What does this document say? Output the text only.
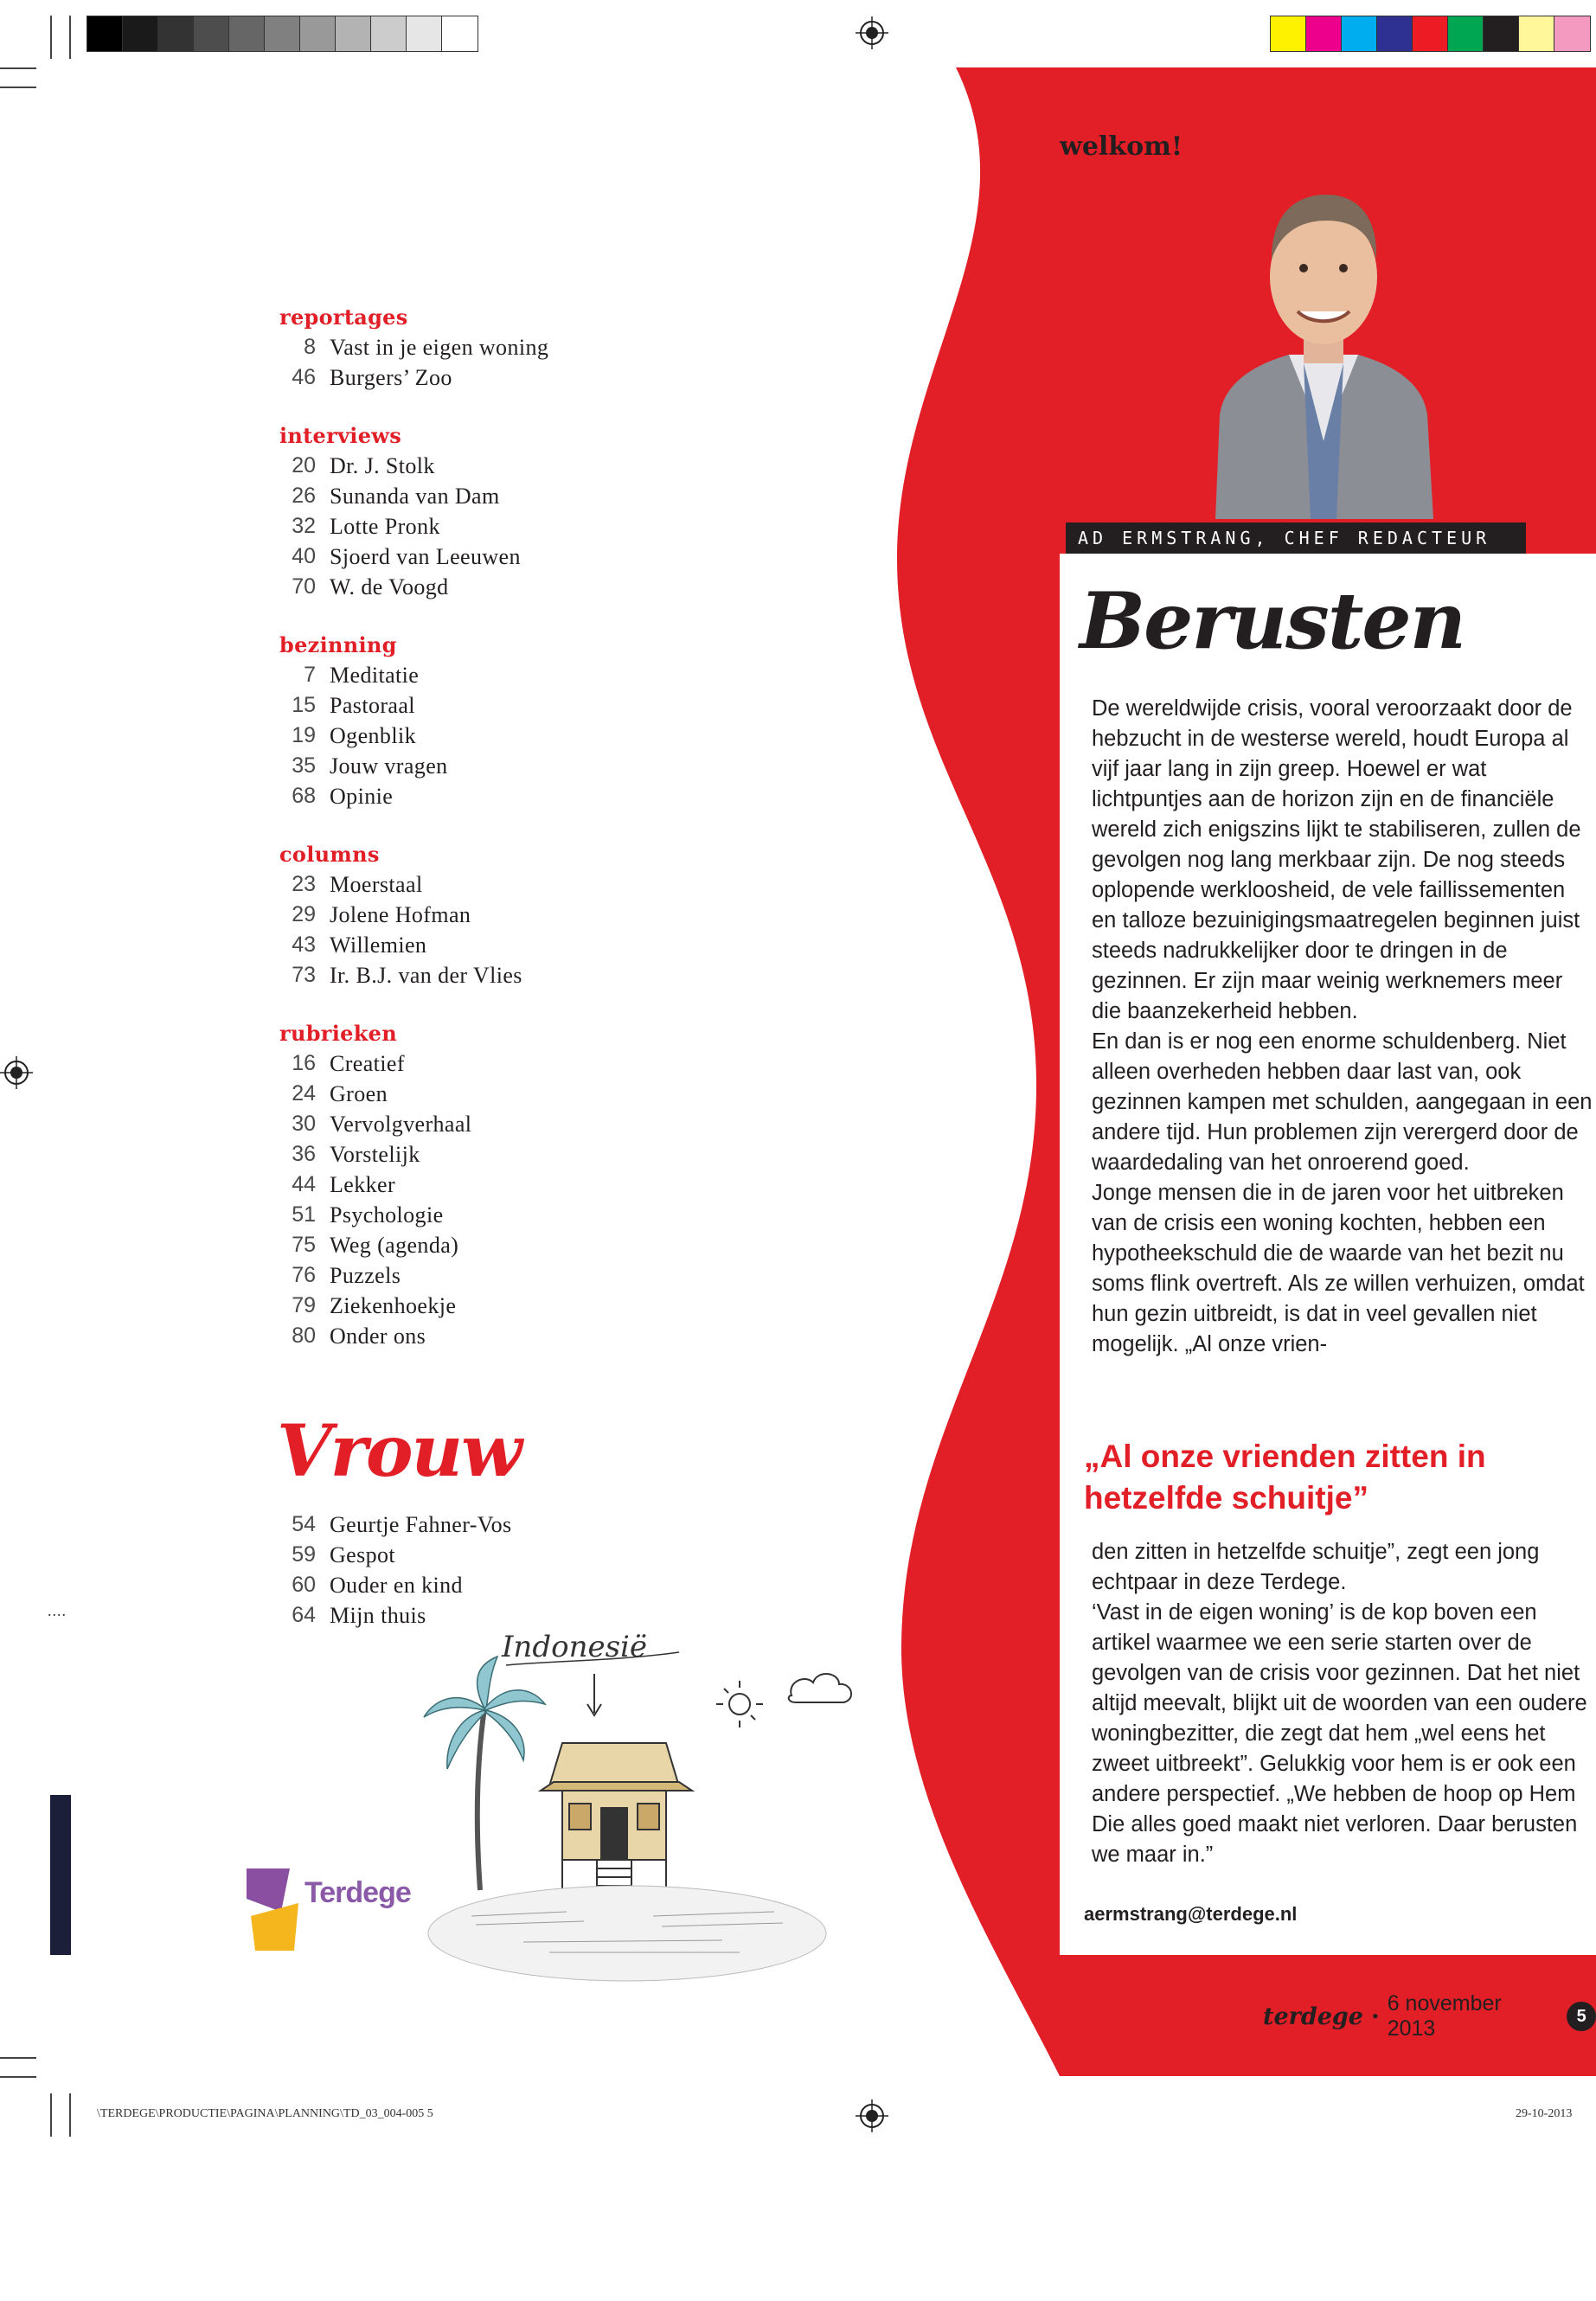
\TERDEGE\PRODUCTIE\PAGINA\PLANNING\TD_03_004-005 5	29-10-2013
....
reportages
8 Vast in je eigen woning
46 Burgers’ Zoo
interviews
20 Dr. J. Stolk
26 Sunanda van Dam
32 Lotte Pronk
40 Sjoerd van Leeuwen
70 W. de Voogd
bezinning
7 Meditatie
15 Pastoraal
19 Ogenblik
35 Jouw vragen
68 Opinie
columns
23 Moerstaal
29 Jolene Hofman
43 Willemien
73 Ir. B.J. van der Vlies
rubrieken
16 Creatief
24 Groen
30 Vervolgverhaal
36 Vorstelijk
44 Lekker
51 Psychologie
75 Weg (agenda)
76 Puzzels
79 Ziekenhoekje
80 Onder ons
Vrouw
54 Geurtje Fahner-Vos
59 Gespot
60 Ouder en kind
64 Mijn thuis
Indonesië
Terdege
welkom!
AD ERMSTRANG, CHEF REDACTEUR
Berusten

De wereldwijde crisis, vooral veroorzaakt door de hebzucht in de westerse wereld, houdt Europa al vijf jaar lang in zijn greep. Hoewel er wat lichtpuntjes aan de horizon zijn en de financiële wereld zich enigszins lijkt te stabiliseren, zullen de gevolgen nog lang merkbaar zijn. De nog steeds oplopende werkloosheid, de vele faillissementen en talloze bezuinigingsmaatregelen beginnen juist steeds nadrukkelijker door te dringen in de gezinnen. Er zijn maar weinig werknemers meer die baanzekerheid hebben.

En dan is er nog een enorme schuldenberg. Niet alleen overheden hebben daar last van, ook gezinnen kampen met schulden, aangegaan in een andere tijd. Hun problemen zijn verergerd door de waardedaling van het onroerend goed.

Jonge mensen die in de jaren voor het uitbreken van de crisis een woning kochten, hebben een hypotheekschuld die de waarde van het bezit nu soms flink overtreft. Als ze willen verhuizen, omdat hun gezin uitbreidt, is dat in veel gevallen niet mogelijk. „Al onze vrien-

„Al onze vrienden zitten in hetzelfde schuitje”

den zitten in hetzelfde schuitje”, zegt een jong echtpaar in deze Terdege.

‘Vast in de eigen woning’ is de kop boven een artikel waarmee we een serie starten over de gevolgen van de crisis voor gezinnen. Dat het niet altijd meevalt, blijkt uit de woorden van een oudere woningbezitter, die zegt dat hem „wel eens het zweet uitbreekt”. Gelukkig voor hem is er ook een andere perspectief. „We hebben de hoop op Hem Die alles goed maakt niet verloren. Daar berusten we maar in.”

aermstrang@terdege.nl
terdege •
6 november 2013
5
